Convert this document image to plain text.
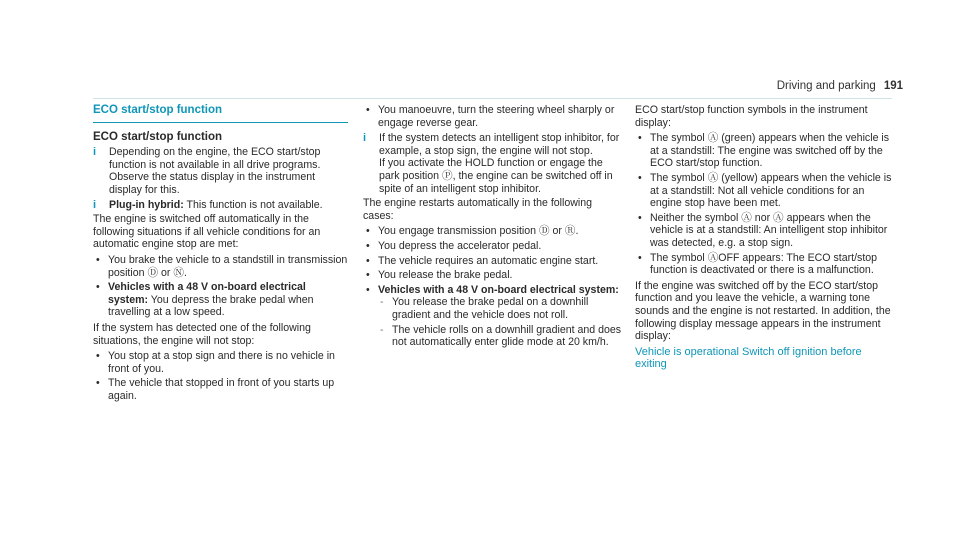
Driving and parking 191
ECO start/stop function
ECO start/stop function
i Depending on the engine, the ECO start/stop function is not available in all drive programs. Observe the status display in the instrument display for this.
i Plug-in hybrid: This function is not available.

The engine is switched off automatically in the following situations if all vehicle conditions for an automatic engine stop are met:

• You brake the vehicle to a standstill in transmission position Ⓓ or Ⓝ.
• Vehicles with a 48 V on-board electrical system: You depress the brake pedal when travelling at a low speed.

If the system has detected one of the following situations, the engine will not stop:

• You stop at a stop sign and there is no vehicle in front of you.
• The vehicle that stopped in front of you starts up again.
• You manoeuvre, turn the steering wheel sharply or engage reverse gear.
i If the system detects an intelligent stop inhibitor, for example, a stop sign, the engine will not stop.
If you activate the HOLD function or engage the park position Ⓟ, the engine can be switched off in spite of an intelligent stop inhibitor.

The engine restarts automatically in the following cases:

• You engage transmission position Ⓓ or Ⓡ.
• You depress the accelerator pedal.
• The vehicle requires an automatic engine start.
• You release the brake pedal.
• Vehicles with a 48 V on-board electrical system:
- You release the brake pedal on a downhill gradient and the vehicle does not roll.
- The vehicle rolls on a downhill gradient and does not automatically enter glide mode at 20 km/h.

ECO start/stop function symbols in the instrument display:

• The symbol Ⓐ (green) appears when the vehicle is at a standstill: The engine was switched off by the ECO start/stop function.
• The symbol Ⓐ (yellow) appears when the vehicle is at a standstill: Not all vehicle conditions for an engine stop have been met.
• Neither the symbol Ⓐ nor Ⓐ appears when the vehicle is at a standstill: An intelligent stop inhibitor was detected, e.g. a stop sign.
• The symbol ⒶOFF appears: The ECO start/stop function is deactivated or there is a malfunction.

If the engine was switched off by the ECO start/stop function and you leave the vehicle, a warning tone sounds and the engine is not restarted. In addition, the following display message appears in the instrument display:

Vehicle is operational Switch off ignition before exiting
